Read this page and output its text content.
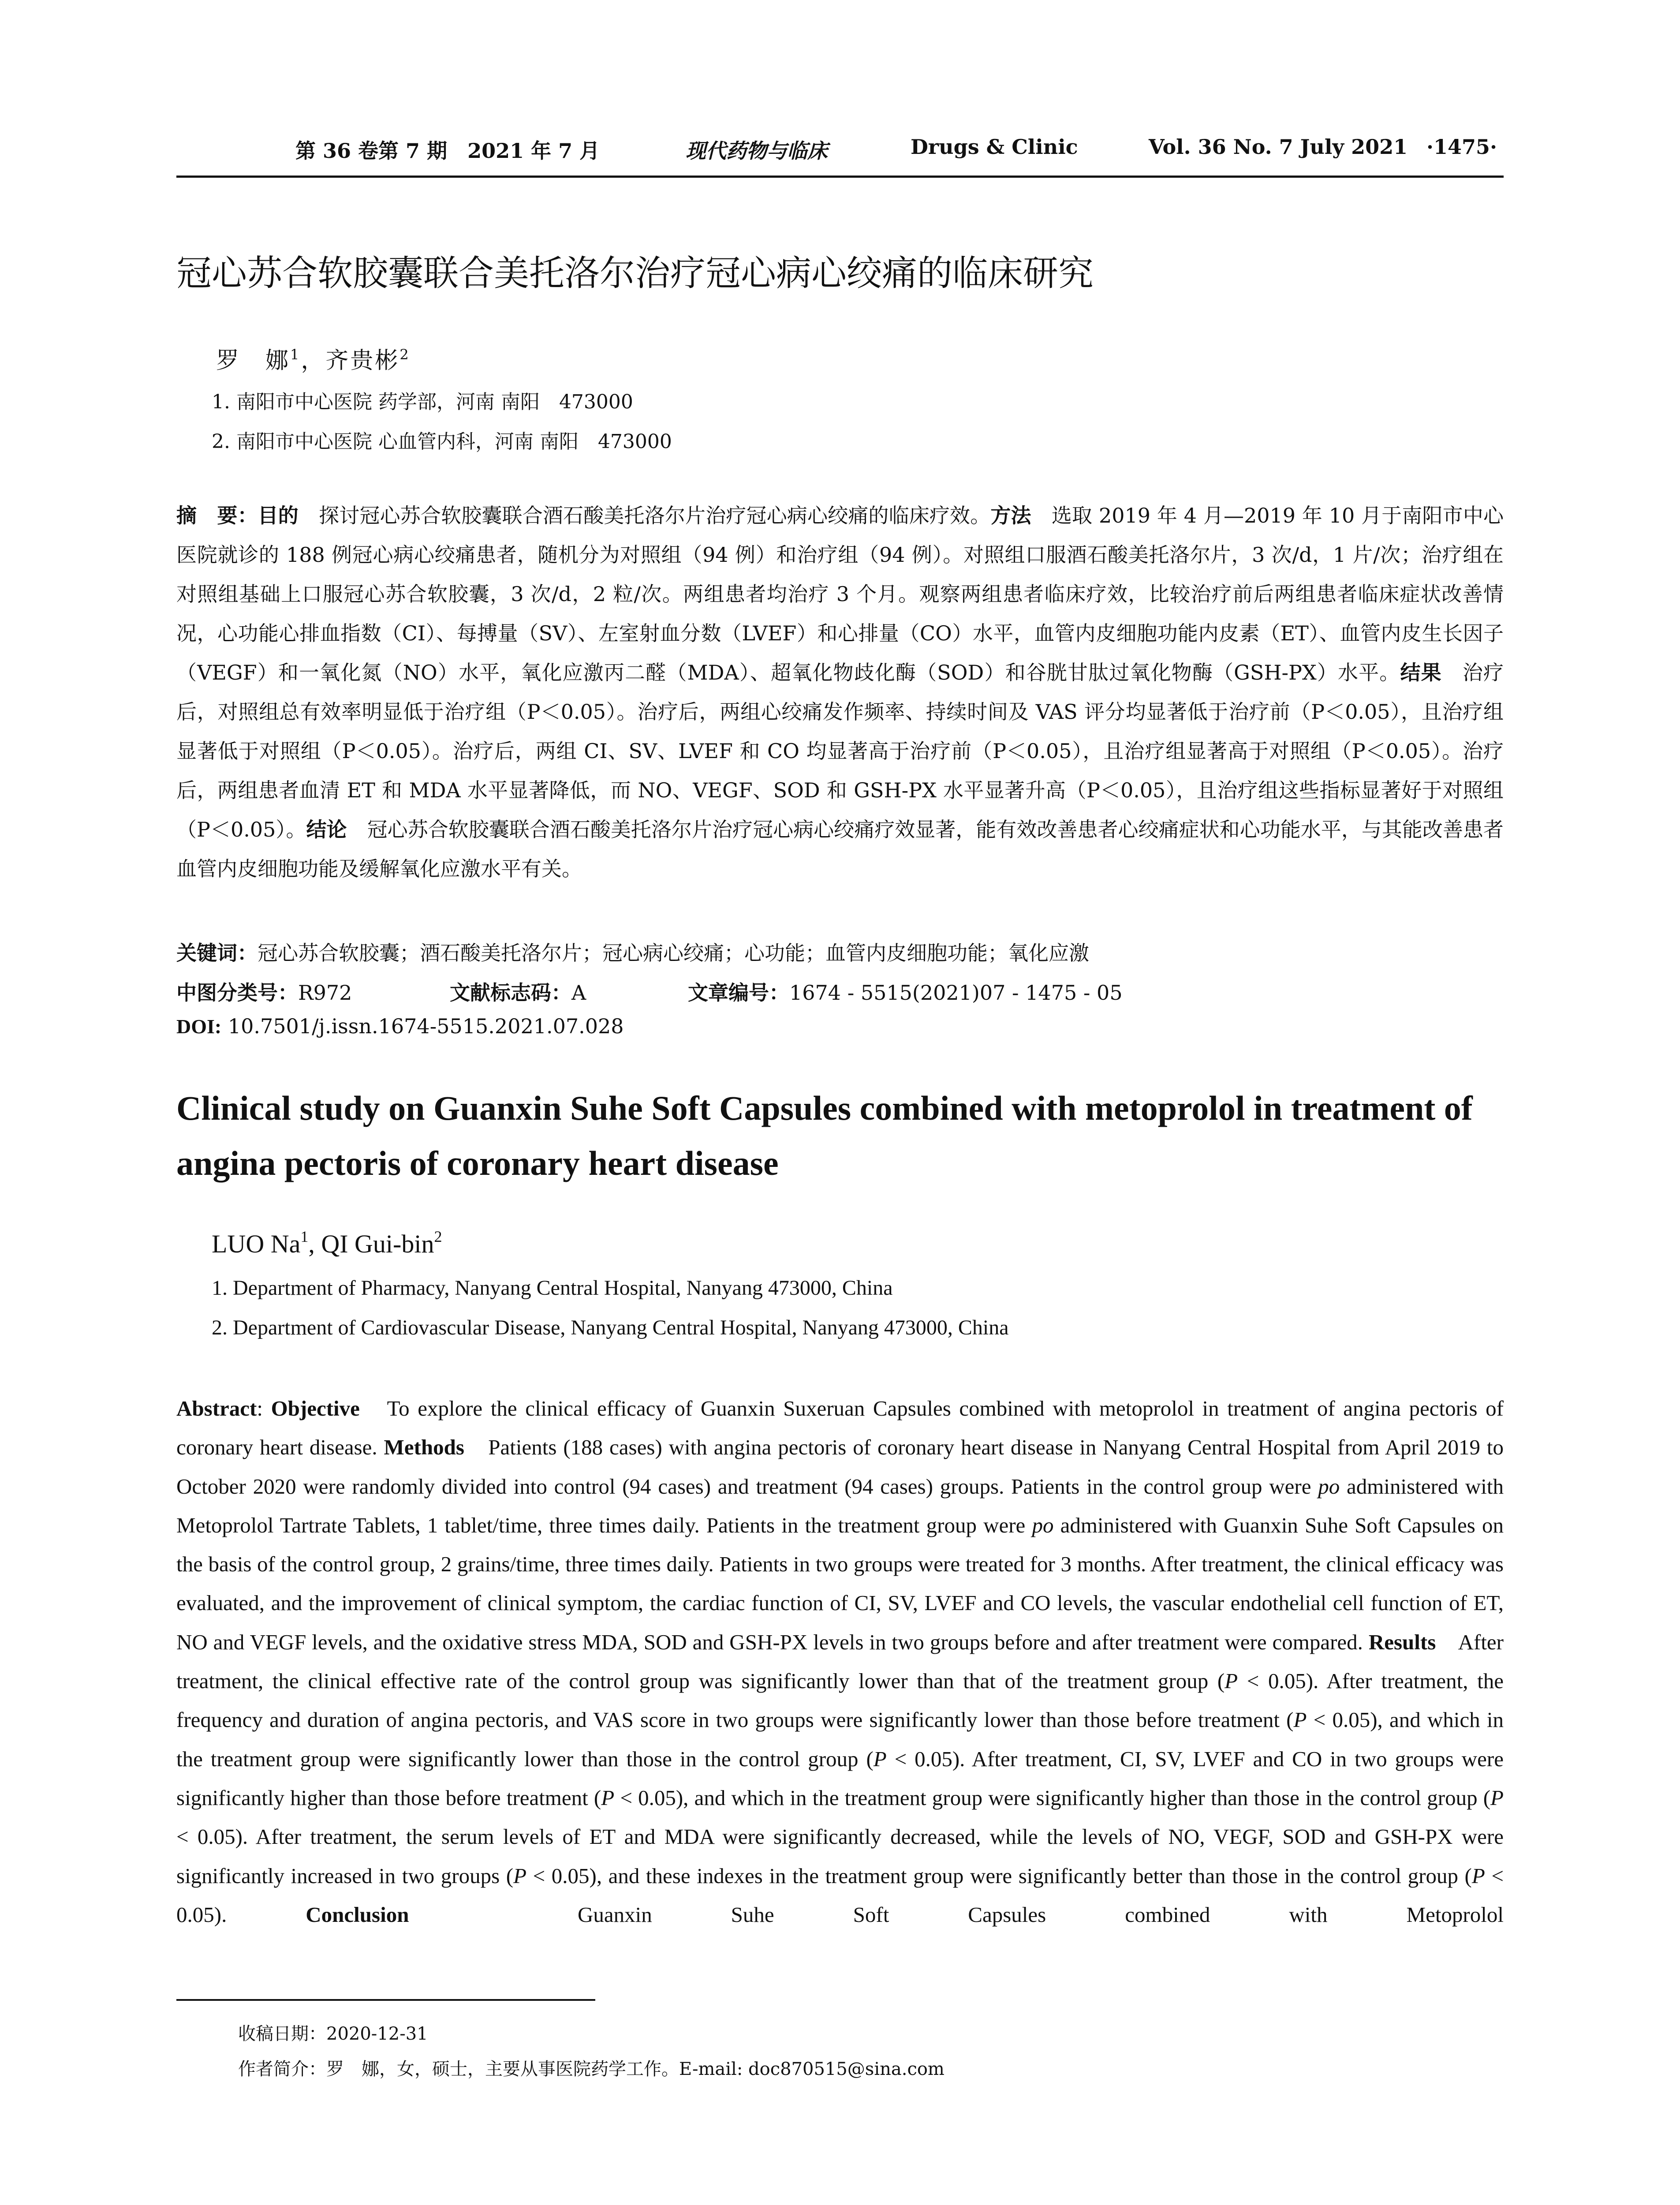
第 36 卷第 7 期　2021 年 7 月	现代药物与临床	Drugs & Clinic	Vol. 36 No. 7 July 2021 ·1475·
冠心苏合软胶囊联合美托洛尔治疗冠心病心绞痛的临床研究
罗　娜$^1$，齐贵彬$^2$
1. 南阳市中心医院 药学部，河南 南阳　473000
2. 南阳市中心医院 心血管内科，河南 南阳　473000
摘　要：目的　探讨冠心苏合软胶囊联合酒石酸美托洛尔片治疗冠心病心绞痛的临床疗效。方法　选取 2019 年 4 月—2019 年 10 月于南阳市中心医院就诊的 188 例冠心病心绞痛患者，随机分为对照组（94 例）和治疗组（94 例）。对照组口服酒石酸美托洛尔片，3 次/d，1 片/次；治疗组在对照组基础上口服冠心苏合软胶囊，3 次/d，2 粒/次。两组患者均治疗 3 个月。观察两组患者临床疗效，比较治疗前后两组患者临床症状改善情况，心功能心排血指数（CI）、每搏量（SV）、左室射血分数（LVEF）和心排量（CO）水平，血管内皮细胞功能内皮素（ET）、血管内皮生长因子（VEGF）和一氧化氮（NO）水平，氧化应激丙二醛（MDA）、超氧化物歧化酶（SOD）和谷胱甘肽过氧化物酶（GSH-PX）水平。结果　治疗后，对照组总有效率明显低于治疗组（P＜0.05）。治疗后，两组心绞痛发作频率、持续时间及 VAS 评分均显著低于治疗前（P＜0.05），且治疗组显著低于对照组（P＜0.05）。治疗后，两组 CI、SV、LVEF 和 CO 均显著高于治疗前（P＜0.05），且治疗组显著高于对照组（P＜0.05）。治疗后，两组患者血清 ET 和 MDA 水平显著降低，而 NO、VEGF、SOD 和 GSH-PX 水平显著升高（P＜0.05），且治疗组这些指标显著好于对照组（P＜0.05）。结论　冠心苏合软胶囊联合酒石酸美托洛尔片治疗冠心病心绞痛疗效显著，能有效改善患者心绞痛症状和心功能水平，与其能改善患者血管内皮细胞功能及缓解氧化应激水平有关。
关键词：冠心苏合软胶囊；酒石酸美托洛尔片；冠心病心绞痛；心功能；血管内皮细胞功能；氧化应激
中图分类号：R972	文献标志码：A	文章编号：1674 - 5515(2021)07 - 1475 - 05
DOI: 10.7501/j.issn.1674-5515.2021.07.028
Clinical study on Guanxin Suhe Soft Capsules combined with metoprolol in treatment of angina pectoris of coronary heart disease
LUO Na$^1$, QI Gui-bin$^2$
1. Department of Pharmacy, Nanyang Central Hospital, Nanyang 473000, China
2. Department of Cardiovascular Disease, Nanyang Central Hospital, Nanyang 473000, China
Abstract: Objective　To explore the clinical efficacy of Guanxin Suxeruan Capsules combined with metoprolol in treatment of angina pectoris of coronary heart disease. Methods　Patients (188 cases) with angina pectoris of coronary heart disease in Nanyang Central Hospital from April 2019 to October 2020 were randomly divided into control (94 cases) and treatment (94 cases) groups. Patients in the control group were po administered with Metoprolol Tartrate Tablets, 1 tablet/time, three times daily. Patients in the treatment group were po administered with Guanxin Suhe Soft Capsules on the basis of the control group, 2 grains/time, three times daily. Patients in two groups were treated for 3 months. After treatment, the clinical efficacy was evaluated, and the improvement of clinical symptom, the cardiac function of CI, SV, LVEF and CO levels, the vascular endothelial cell function of ET, NO and VEGF levels, and the oxidative stress MDA, SOD and GSH-PX levels in two groups before and after treatment were compared. Results　After treatment, the clinical effective rate of the control group was significantly lower than that of the treatment group (P < 0.05). After treatment, the frequency and duration of angina pectoris, and VAS score in two groups were significantly lower than those before treatment (P < 0.05), and which in the treatment group were significantly lower than those in the control group (P < 0.05). After treatment, CI, SV, LVEF and CO in two groups were significantly higher than those before treatment (P < 0.05), and which in the treatment group were significantly higher than those in the control group (P < 0.05). After treatment, the serum levels of ET and MDA were significantly decreased, while the levels of NO, VEGF, SOD and GSH-PX were significantly increased in two groups (P < 0.05), and these indexes in the treatment group were significantly better than those in the control group (P < 0.05). Conclusion　Guanxin Suhe Soft Capsules combined with Metoprolol
收稿日期：2020-12-31
作者简介：罗　娜，女，硕士，主要从事医院药学工作。E-mail: doc870515@sina.com
